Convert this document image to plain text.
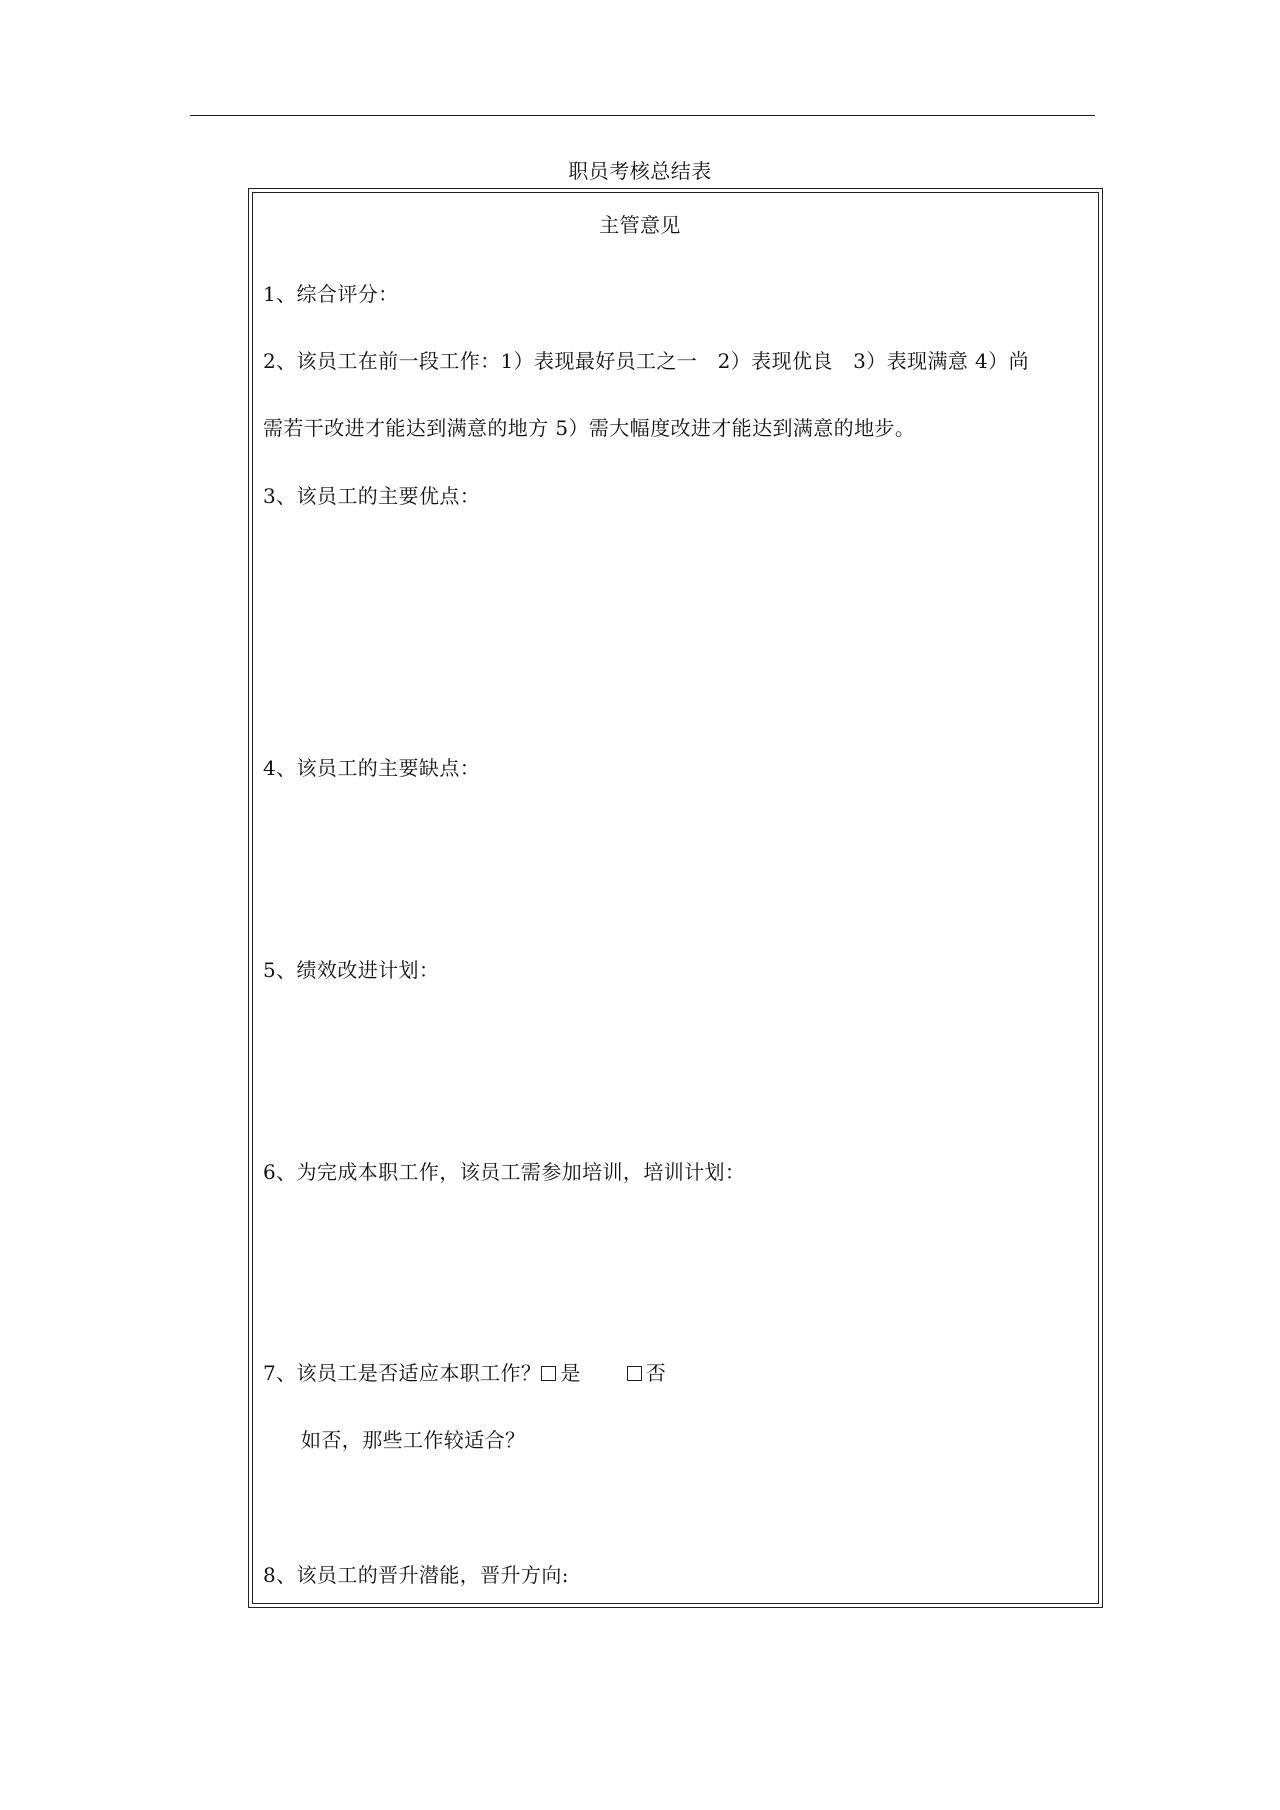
职员考核总结表
主管意见
1、综合评分：
2、该员工在前一段工作：1）表现最好员工之一　2）表现优良　3）表现满意 4）尚
需若干改进才能达到满意的地方 5）需大幅度改进才能达到满意的地步。
3、该员工的主要优点：
4、该员工的主要缺点：
5、绩效改进计划：
6、为完成本职工作，该员工需参加培训，培训计划：
7、该员工是否适应本职工作？ 是	否
如否，那些工作较适合？
8、该员工的晋升潜能，晋升方向:
